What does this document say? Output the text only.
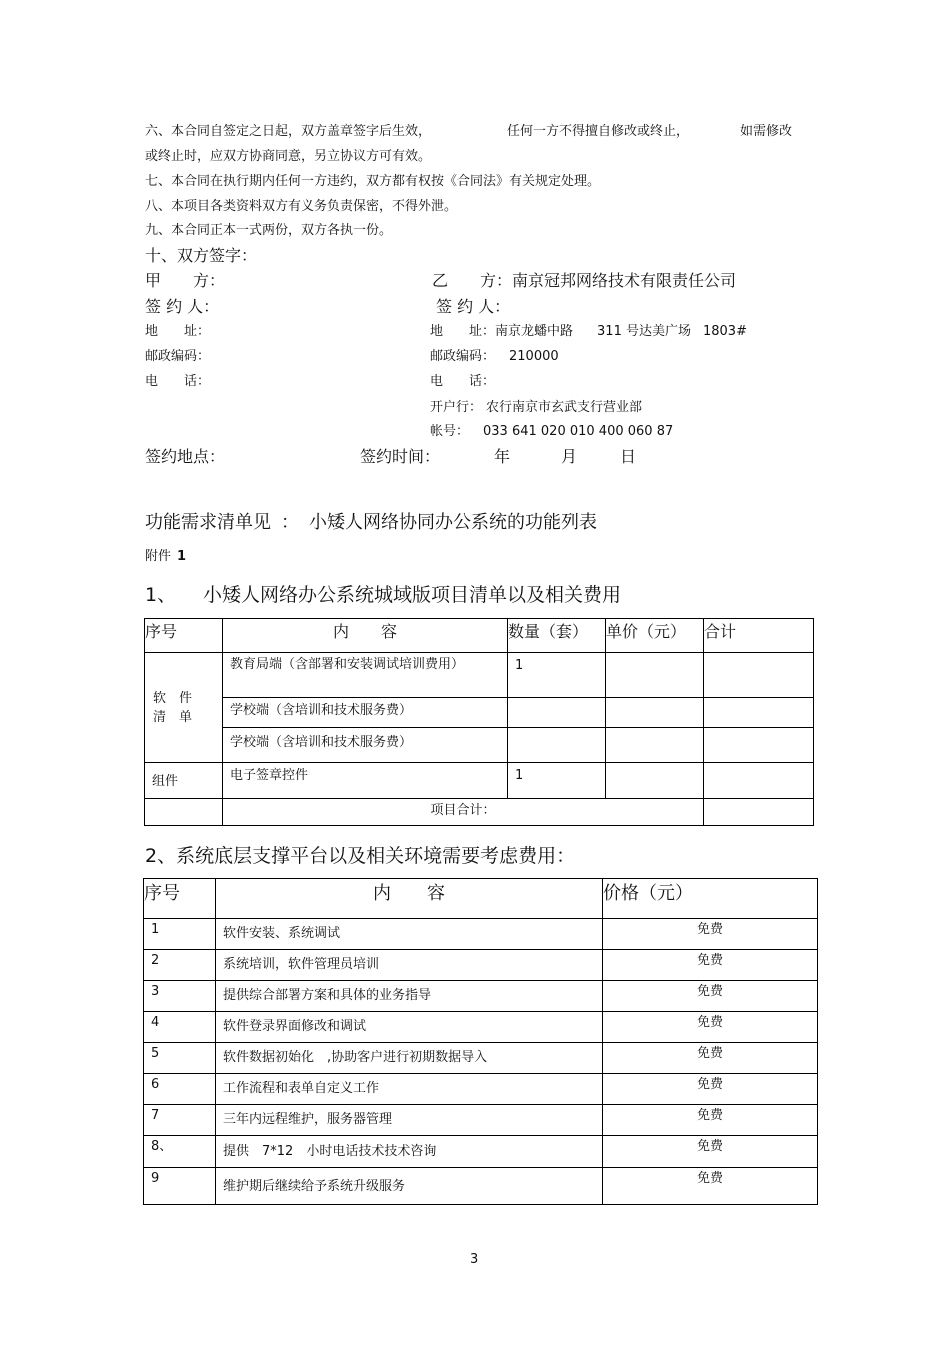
六、本合同自签定之日起，双方盖章签字后生效，	任何一方不得擅自修改或终止，	如需修改
或终止时，应双方协商同意，另立协议方可有效。
七、本合同在执行期内任何一方违约，双方都有权按《合同法》有关规定处理。
八、本项目各类资料双方有义务负责保密，不得外泄。
九、本合同正本一式两份，双方各执一份。
十、双方签字：
甲　　方：
签 约 人：
地　　址：
邮政编码：
电　　话：
乙　　方：南京冠邦网络技术有限责任公司
签 约 人：
地　　址：南京龙蟠中路 311 号达美广场 1803#
邮政编码： 210000
电　　话：
开户行： 农行南京市玄武支行营业部
帐号： 033 641 020 010 400 060 87
签约地点：	签约时间：	年	月	日
功能需求清单见 ： 小矮人网络协同办公系统的功能列表
附件 1
1、 小矮人网络办公系统城域版项目清单以及相关费用
序号	内　　容	数量（套）	单价（元）	合计

软　件
清　单	教育局端（含部署和安装调试培训费用）	1		

	学校端（含培训和技术服务费）			

	学校端（含培训和技术服务费）			

组件	电子签章控件	1		

	项目合计：			

2、系统底层支撑平台以及相关环境需要考虑费用：
序号	内　　容	价格（元）

1	软件安装、系统调试	免费

2	系统培训，软件管理员培训	免费

3	提供综合部署方案和具体的业务指导	免费

4	软件登录界面修改和调试	免费

5	软件数据初始化　,协助客户进行初期数据导入	免费

6	工作流程和表单自定义工作	免费

7	三年内远程维护，服务器管理	免费

8、	提供　7*12　小时电话技术技术咨询	免费

9	维护期后继续给予系统升级服务	免费
3
